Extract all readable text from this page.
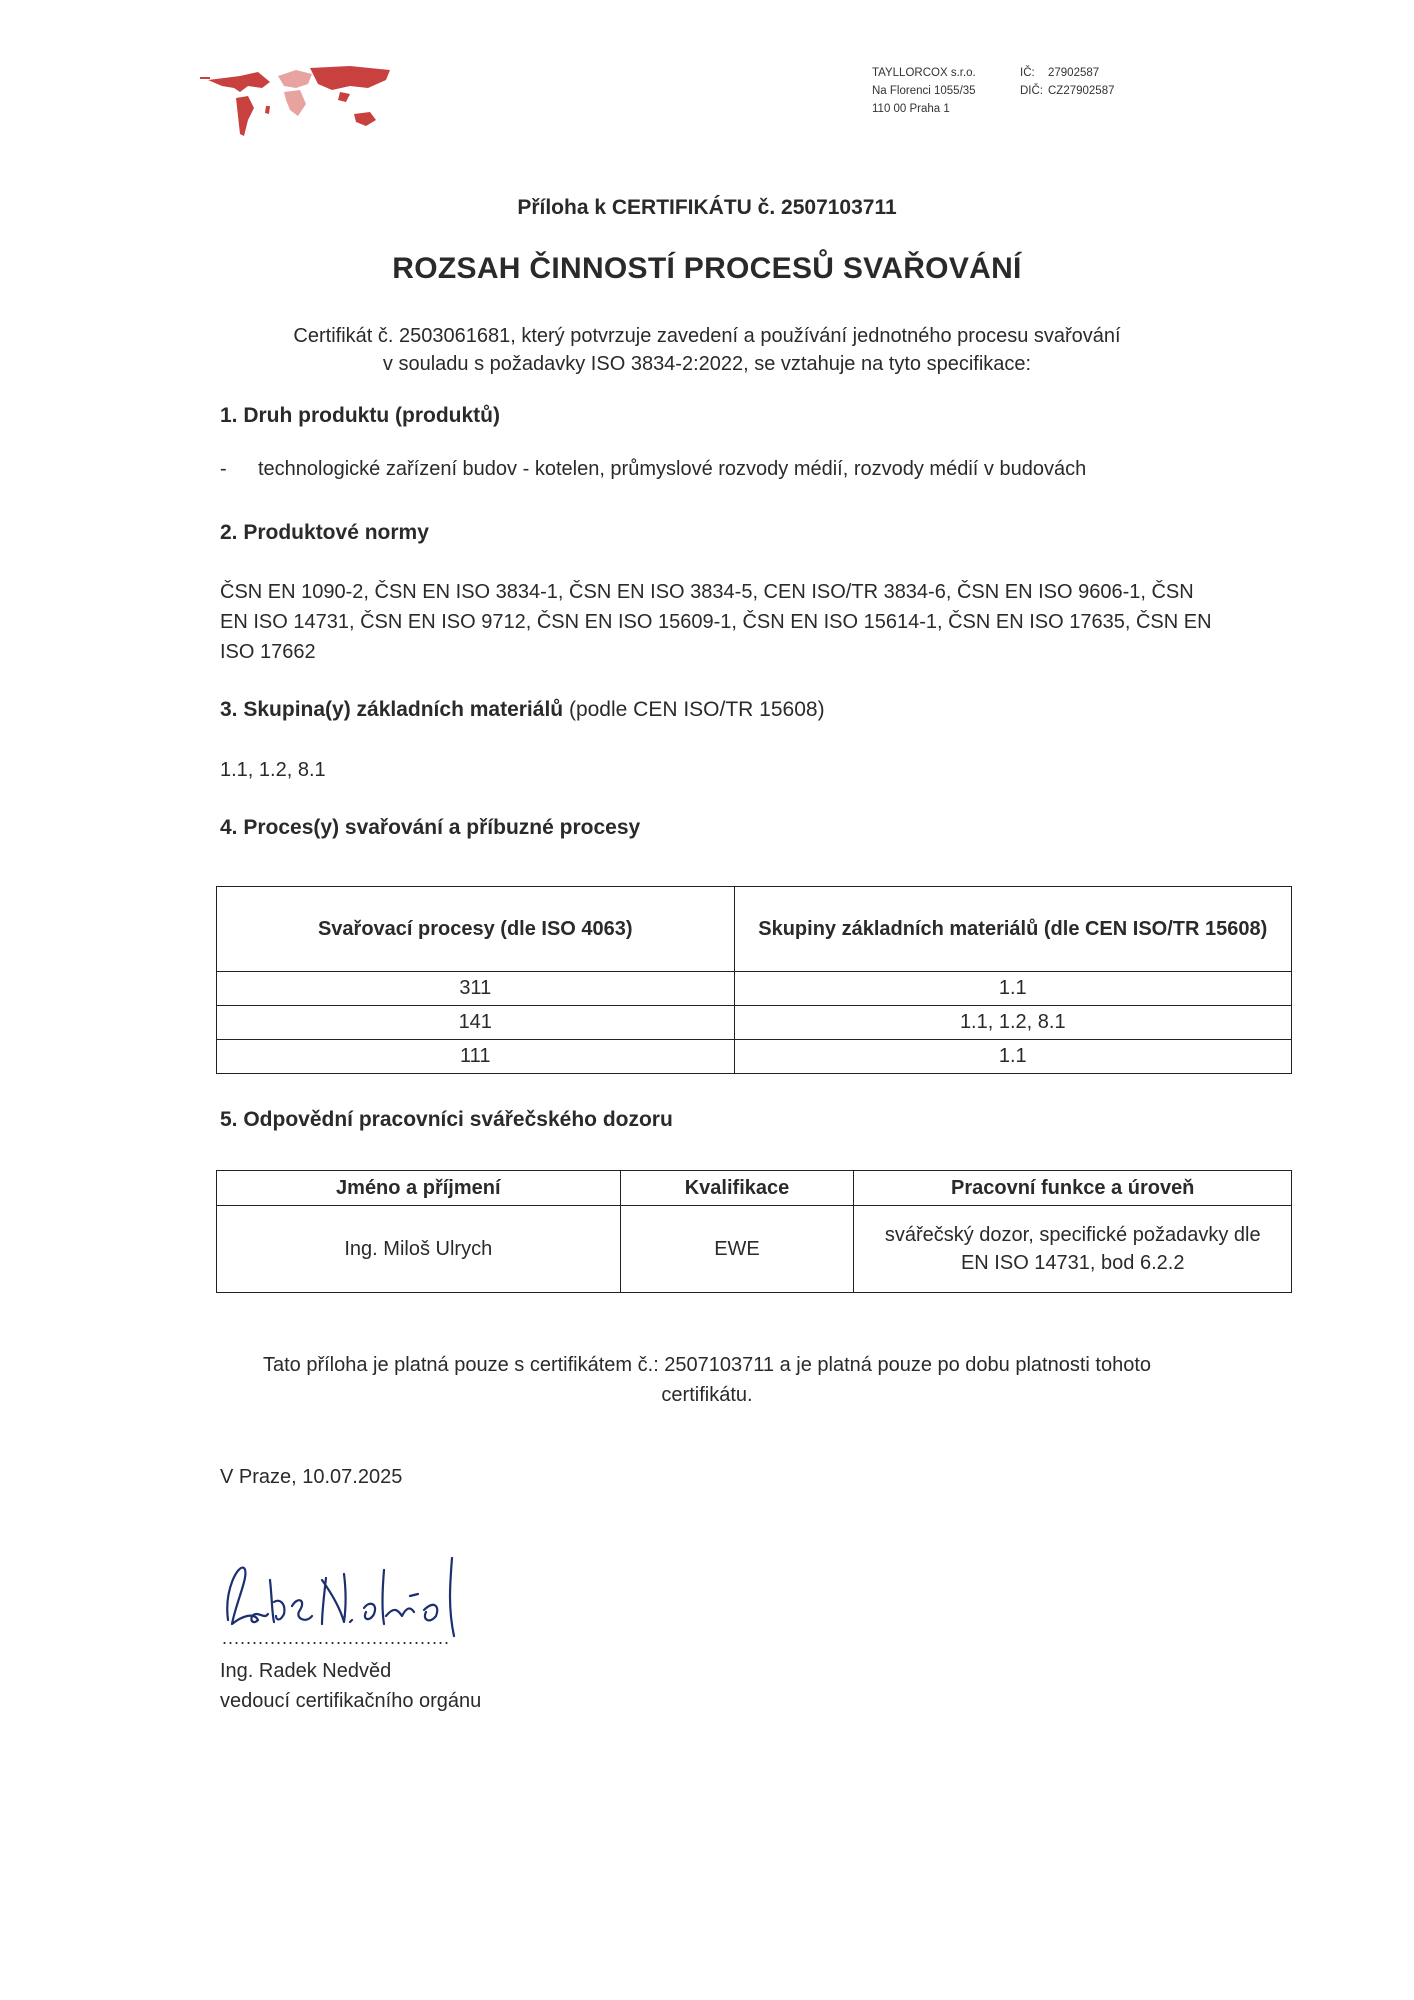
TAYLLORCOX s.r.o.
Na Florenci 1055/35
110 00 Praha 1
IČ: 27902587
DIČ: CZ27902587
Příloha k CERTIFIKÁTU č. 2507103711
ROZSAH ČINNOSTÍ PROCESŮ SVAŘOVÁNÍ
Certifikát č. 2503061681, který potvrzuje zavedení a používání jednotného procesu svařování
v souladu s požadavky ISO 3834-2:2022, se vztahuje na tyto specifikace:
1. Druh produktu (produktů)
- technologické zařízení budov - kotelen, průmyslové rozvody médií, rozvody médií v budovách
2. Produktové normy
ČSN EN 1090-2, ČSN EN ISO 3834-1, ČSN EN ISO 3834-5, CEN ISO/TR 3834-6, ČSN EN ISO 9606-1, ČSN
EN ISO 14731, ČSN EN ISO 9712, ČSN EN ISO 15609-1, ČSN EN ISO 15614-1, ČSN EN ISO 17635, ČSN EN
ISO 17662
3. Skupina(y) základních materiálů (podle CEN ISO/TR 15608)
1.1, 1.2, 8.1
4. Proces(y) svařování a příbuzné procesy
Svařovací procesy (dle ISO 4063)	Skupiny základních materiálů (dle CEN ISO/TR 15608)
311	1.1
141	1.1, 1.2, 8.1
111	1.1
5. Odpovědní pracovníci svářečského dozoru
Jméno a příjmení	Kvalifikace	Pracovní funkce a úroveň
Ing. Miloš Ulrych	EWE	svářečský dozor, specifické požadavky dle
EN ISO 14731, bod 6.2.2
Tato příloha je platná pouze s certifikátem č.: 2507103711 a je platná pouze po dobu platnosti tohoto
certifikátu.
V Praze, 10.07.2025
......................................
Ing. Radek Nedvěd
vedoucí certifikačního orgánu
